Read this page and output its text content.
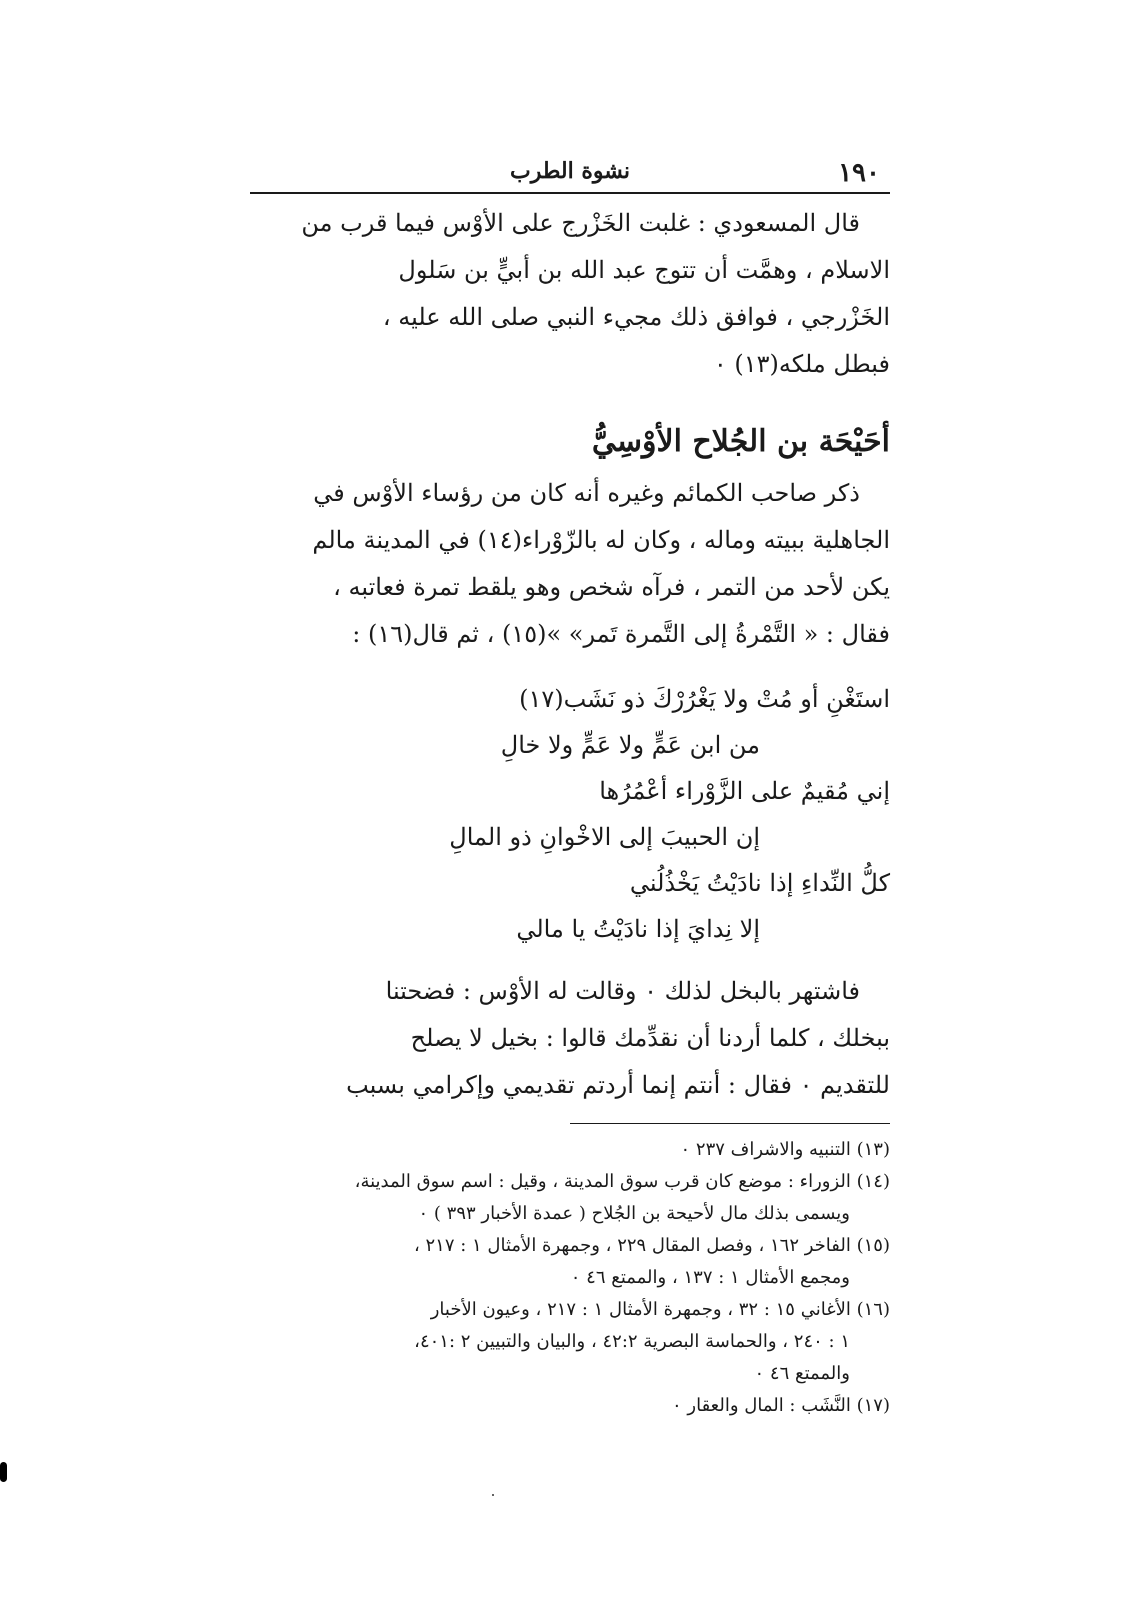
١٩٠
نشوة الطرب
قال المسعودي : غلبت الخَزْرج على الأوْس فيما قرب من
الاسلام ، وهمَّت أن تتوج عبد الله بن أبيٍّ بن سَلول
الخَزْرجي ، فوافق ذلك مجيء النبي صلى الله عليه ،
فبطل ملكه(١٣) ٠
أحَيْحَة بن الجُلاح الأوْسِيُّ
ذكر صاحب الكمائم وغيره أنه كان من رؤساء الأوْس في
الجاهلية ببيته وماله ، وكان له بالزّوْراء(١٤) في المدينة مالم
يكن لأحد من التمر ، فرآه شخص وهو يلقط تمرة فعاتبه ،
فقال : « التَّمْرةُ إلى التَّمرة تَمر» »(١٥) ، ثم قال(١٦) :
استَغْنِ أو مُتْ ولا يَغْرُرْكَ ذو نَشَب(١٧)
من ابن عَمٍّ ولا عَمٍّ ولا خالِ
إني مُقيمٌ على الزَّوْراء أعْمُرُها
إن الحبيبَ إلى الاخْوانِ ذو المالِ
كلُّ النِّداءِ إذا نادَيْتُ يَخْذُلُني
إلا نِدايَ إذا نادَيْتُ يا مالي
فاشتهر بالبخل لذلك ٠ وقالت له الأوْس : فضحتنا
ببخلك ، كلما أردنا أن نقدِّمك قالوا : بخيل لا يصلح
للتقديم ٠ فقال : أنتم إنما أردتم تقديمي وإكرامي بسبب
(١٣) التنبيه والاشراف ٢٣٧ ٠
(١٤) الزوراء : موضع كان قرب سوق المدينة ، وقيل : اسم سوق المدينة،
ويسمى بذلك مال لأحيحة بن الجُلاح ( عمدة الأخبار ٣٩٣ ) ٠
(١٥) الفاخر ١٦٢ ، وفصل المقال ٢٢٩ ، وجمهرة الأمثال ١ : ٢١٧ ،
ومجمع الأمثال ١ : ١٣٧ ، والممتع ٤٦ ٠
(١٦) الأغاني ١٥ : ٣٢ ، وجمهرة الأمثال ١ : ٢١٧ ، وعيون الأخبار
١ : ٢٤٠ ، والحماسة البصرية ٤٢:٢ ، والبيان والتبيين ٢ :٤٠١،
والممتع ٤٦ ٠
(١٧) النَّشَب : المال والعقار ٠
